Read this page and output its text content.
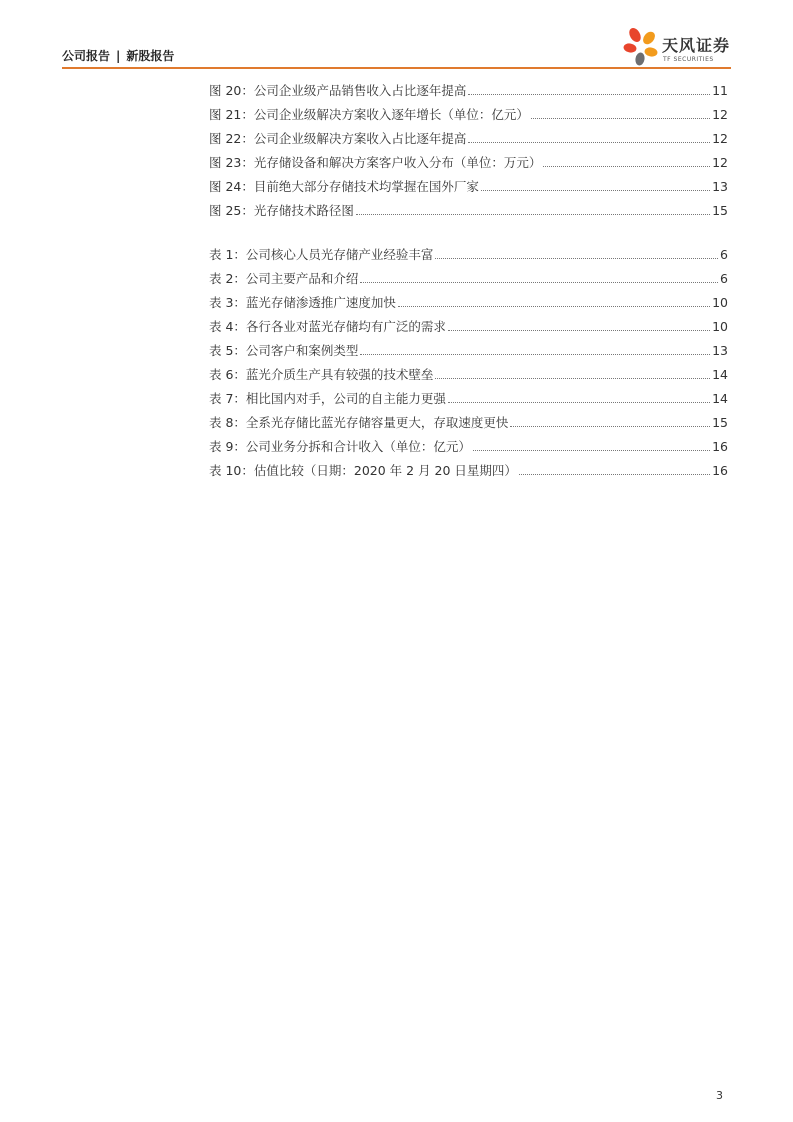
公司报告 | 新股报告
天风证券
TF SECURITIES
图 20：公司企业级产品销售收入占比逐年提高	11
图 21：公司企业级解决方案收入逐年增长（单位：亿元）	12
图 22：公司企业级解决方案收入占比逐年提高	12
图 23：光存储设备和解决方案客户收入分布（单位：万元）	12
图 24：目前绝大部分存储技术均掌握在国外厂家	13
图 25：光存储技术路径图	15
表 1：公司核心人员光存储产业经验丰富	6
表 2：公司主要产品和介绍	6
表 3：蓝光存储渗透推广速度加快	10
表 4：各行各业对蓝光存储均有广泛的需求	10
表 5：公司客户和案例类型	13
表 6：蓝光介质生产具有较强的技术壁垒	14
表 7：相比国内对手，公司的自主能力更强	14
表 8：全系光存储比蓝光存储容量更大，存取速度更快	15
表 9：公司业务分拆和合计收入（单位：亿元）	16
表 10：估值比较（日期：2020 年 2 月 20 日星期四）	16
3
